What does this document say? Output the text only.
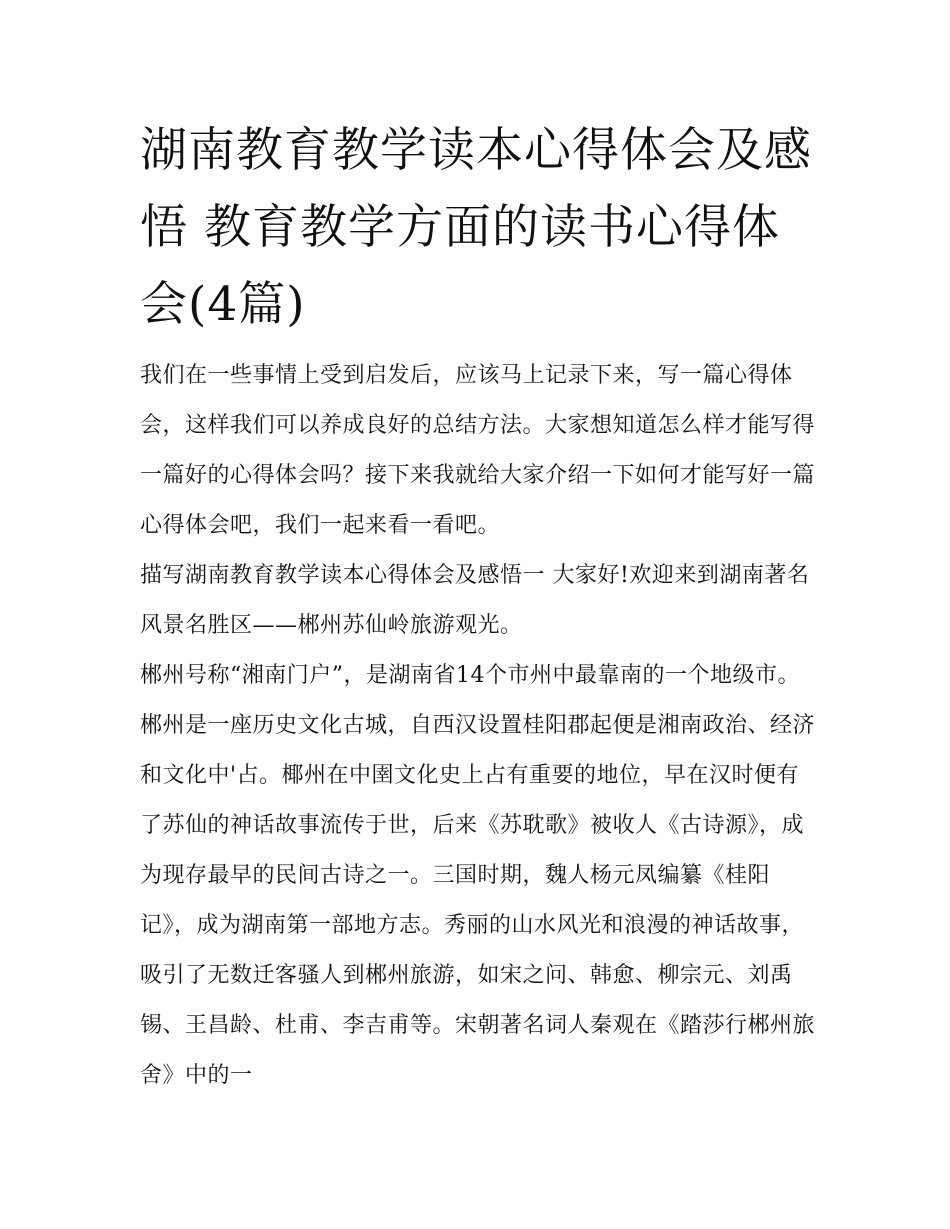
湖南教育教学读本心得体会及感悟 教育教学方面的读书心得体会(4篇)

我们在一些事情上受到启发后，应该马上记录下来，写一篇心得体会，这样我们可以养成良好的总结方法。大家想知道怎么样才能写得一篇好的心得体会吗？接下来我就给大家介绍一下如何才能写好一篇心得体会吧，我们一起来看一看吧。

描写湖南教育教学读本心得体会及感悟一 大家好!欢迎来到湖南著名风景名胜区——郴州苏仙岭旅游观光。

郴州号称“湘南门户”，是湖南省14个市州中最靠南的一个地级市。郴州是一座历史文化古城，自西汉设置桂阳郡起便是湘南政治、经济和文化中'占。椰州在中圉文化史上占有重要的地位，早在汉时便有了苏仙的神话故事流传于世，后来《苏耽歌》被收人《古诗源》，成为现存最早的民间古诗之一。三国时期，魏人杨元凤编纂《桂阳记》，成为湖南第一部地方志。秀丽的山水风光和浪漫的神话故事，吸引了无数迁客骚人到郴州旅游，如宋之问、韩愈、柳宗元、刘禹锡、王昌龄、杜甫、李吉甫等。宋朝著名词人秦观在《踏莎行郴州旅舍》中的一
